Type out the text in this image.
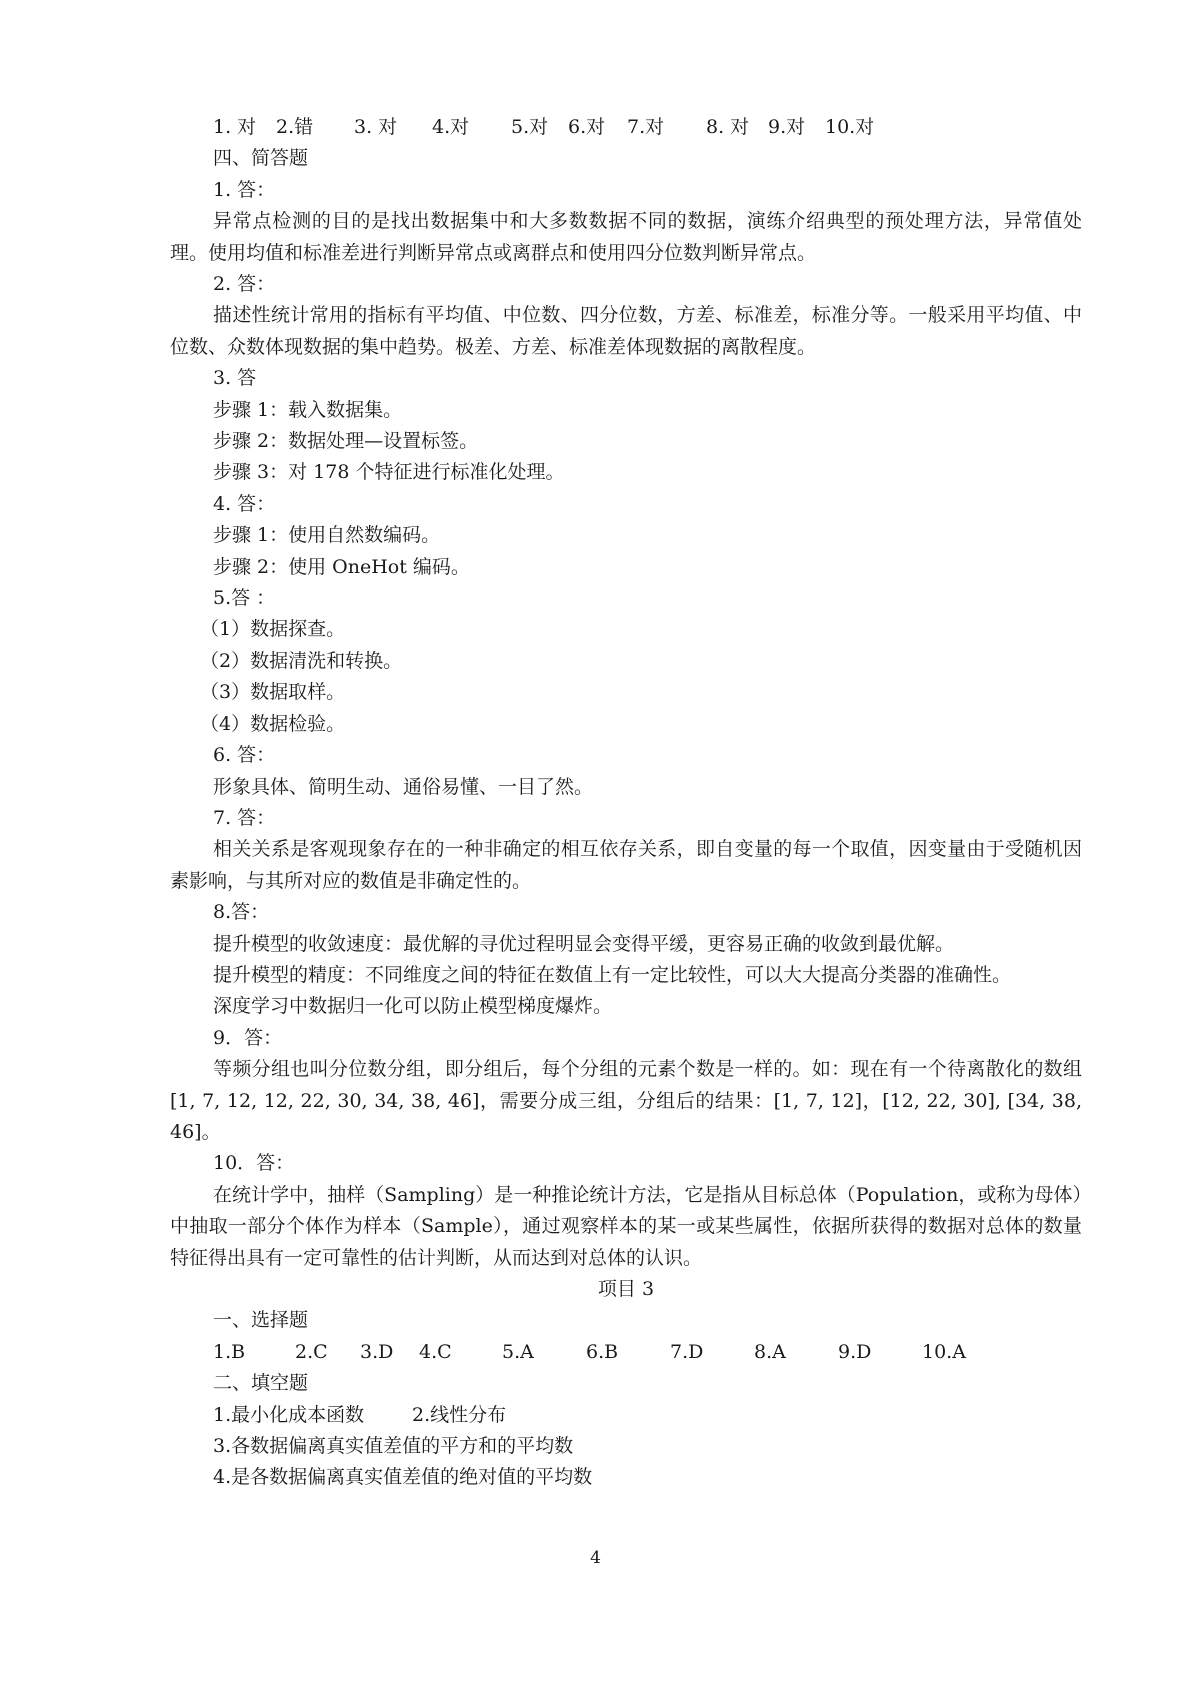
1. 对 2.错 3. 对 4.对 5.对 6.对 7.对 8. 对 9.对 10.对

四、简答题

1. 答：

异常点检测的目的是找出数据集中和大多数数据不同的数据，演练介绍典型的预处理方法，异常值处理。使用均值和标准差进行判断异常点或离群点和使用四分位数判断异常点。

2. 答：

描述性统计常用的指标有平均值、中位数、四分位数，方差、标准差，标准分等。一般采用平均值、中位数、众数体现数据的集中趋势。极差、方差、标准差体现数据的离散程度。

3. 答

步骤 1：载入数据集。

步骤 2：数据处理—设置标签。

步骤 3：对 178 个特征进行标准化处理。

4. 答：

步骤 1：使用自然数编码。

步骤 2：使用 OneHot 编码。

5.答 ：

（1）数据探查。

（2）数据清洗和转换。

（3）数据取样。

（4）数据检验。

6. 答：

形象具体、简明生动、通俗易懂、一目了然。

7. 答：

相关关系是客观现象存在的一种非确定的相互依存关系，即自变量的每一个取值，因变量由于受随机因素影响，与其所对应的数值是非确定性的。

8.答：

提升模型的收敛速度：最优解的寻优过程明显会变得平缓，更容易正确的收敛到最优解。

提升模型的精度：不同维度之间的特征在数值上有一定比较性，可以大大提高分类器的准确性。

深度学习中数据归一化可以防止模型梯度爆炸。

9．答：

等频分组也叫分位数分组，即分组后，每个分组的元素个数是一样的。如：现在有一个待离散化的数组[1, 7, 12, 12, 22, 30, 34, 38, 46]，需要分成三组，分组后的结果：[1, 7, 12]，[12, 22, 30], [34, 38, 46]。

10．答：

在统计学中，抽样（Sampling）是一种推论统计方法，它是指从目标总体（Population，或称为母体）中抽取一部分个体作为样本（Sample），通过观察样本的某一或某些属性，依据所获得的数据对总体的数量特征得出具有一定可靠性的估计判断，从而达到对总体的认识。

项目 3

一、选择题

1.B	2.C 3.D 4.C	5.A	6.B	7.D	8.A	9.D	10.A

二、填空题

1.最小化成本函数	2.线性分布

3.各数据偏离真实值差值的平方和的平均数

4.是各数据偏离真实值差值的绝对值的平均数

4
